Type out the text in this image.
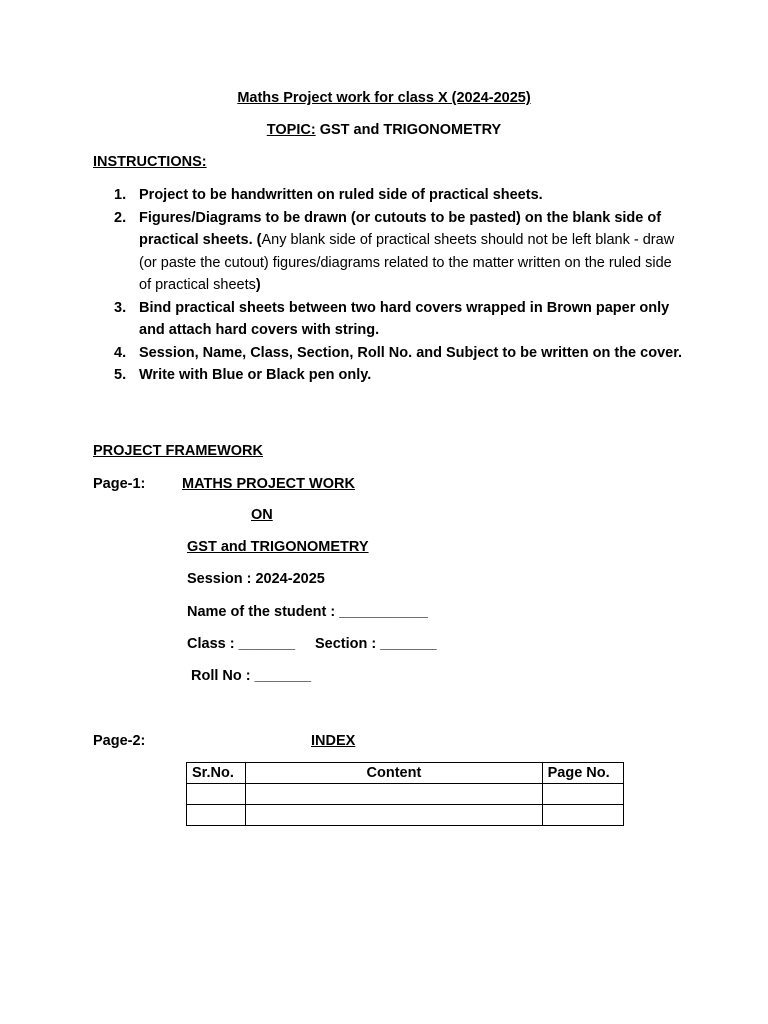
Maths Project work for class X (2024-2025)
TOPIC: GST and TRIGONOMETRY
INSTRUCTIONS:
1. Project to be handwritten on ruled side of practical sheets.
2. Figures/Diagrams to be drawn (or cutouts to be pasted) on the blank side of practical sheets. (Any blank side of practical sheets should not be left blank - draw (or paste the cutout) figures/diagrams related to the matter written on the ruled side of practical sheets)
3. Bind practical sheets between two hard covers wrapped in Brown paper only and attach hard covers with string.
4. Session, Name, Class, Section, Roll No. and Subject to be written on the cover.
5. Write with Blue or Black pen only.
PROJECT FRAMEWORK
Page-1:	MATHS PROJECT WORK
ON
GST and TRIGONOMETRY
Session : 2024-2025
Name of the student : ___________
Class : _______ Section : _______
Roll No : _______
Page-2:	INDEX
Sr.No.	Content	Page No.
